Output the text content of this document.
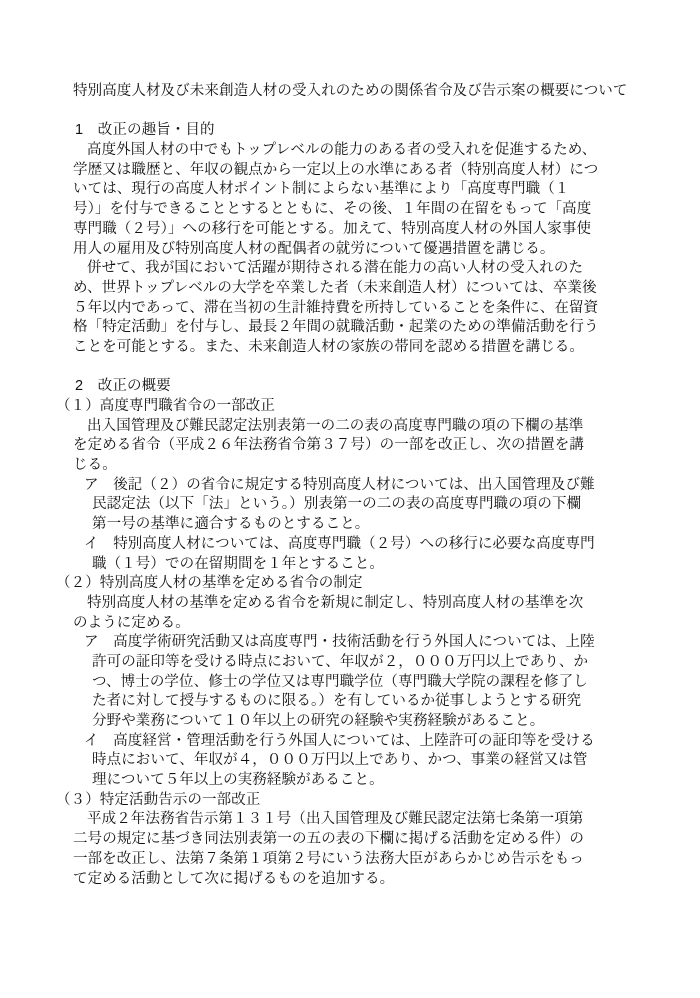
特別高度人材及び未来創造人材の受入れのための関係省令及び告示案の概要について

1　改正の趣旨・目的
高度外国人材の中でもトップレベルの能力のある者の受入れを促進するため、
学歴又は職歴と、年収の観点から一定以上の水準にある者（特別高度人材）につ
いては、現行の高度人材ポイント制によらない基準により「高度専門職（１
号）」を付与できることとするとともに、その後、１年間の在留をもって「高度
専門職（２号）」への移行を可能とする。加えて、特別高度人材の外国人家事使
用人の雇用及び特別高度人材の配偶者の就労について優遇措置を講じる。
併せて、我が国において活躍が期待される潜在能力の高い人材の受入れのた
め、世界トップレベルの大学を卒業した者（未来創造人材）については、卒業後
５年以内であって、滞在当初の生計維持費を所持していることを条件に、在留資
格「特定活動」を付与し、最長２年間の就職活動・起業のための準備活動を行う
ことを可能とする。また、未来創造人材の家族の帯同を認める措置を講じる。

2　改正の概要
（１）高度専門職省令の一部改正
出入国管理及び難民認定法別表第一の二の表の高度専門職の項の下欄の基準
を定める省令（平成２６年法務省令第３７号）の一部を改正し、次の措置を講
じる。
ア　後記（２）の省令に規定する特別高度人材については、出入国管理及び難
民認定法（以下「法」という。）別表第一の二の表の高度専門職の項の下欄
第一号の基準に適合するものとすること。
イ　特別高度人材については、高度専門職（２号）への移行に必要な高度専門
職（１号）での在留期間を１年とすること。
（２）特別高度人材の基準を定める省令の制定
特別高度人材の基準を定める省令を新規に制定し、特別高度人材の基準を次
のように定める。
ア　高度学術研究活動又は高度専門・技術活動を行う外国人については、上陸
許可の証印等を受ける時点において、年収が２，０００万円以上であり、か
つ、博士の学位、修士の学位又は専門職学位（専門職大学院の課程を修了し
た者に対して授与するものに限る。）を有しているか従事しようとする研究
分野や業務について１０年以上の研究の経験や実務経験があること。
イ　高度経営・管理活動を行う外国人については、上陸許可の証印等を受ける
時点において、年収が４，０００万円以上であり、かつ、事業の経営又は管
理について５年以上の実務経験があること。
（３）特定活動告示の一部改正
平成２年法務省告示第１３１号（出入国管理及び難民認定法第七条第一項第
二号の規定に基づき同法別表第一の五の表の下欄に掲げる活動を定める件）の
一部を改正し、法第７条第１項第２号にいう法務大臣があらかじめ告示をもっ
て定める活動として次に掲げるものを追加する。
